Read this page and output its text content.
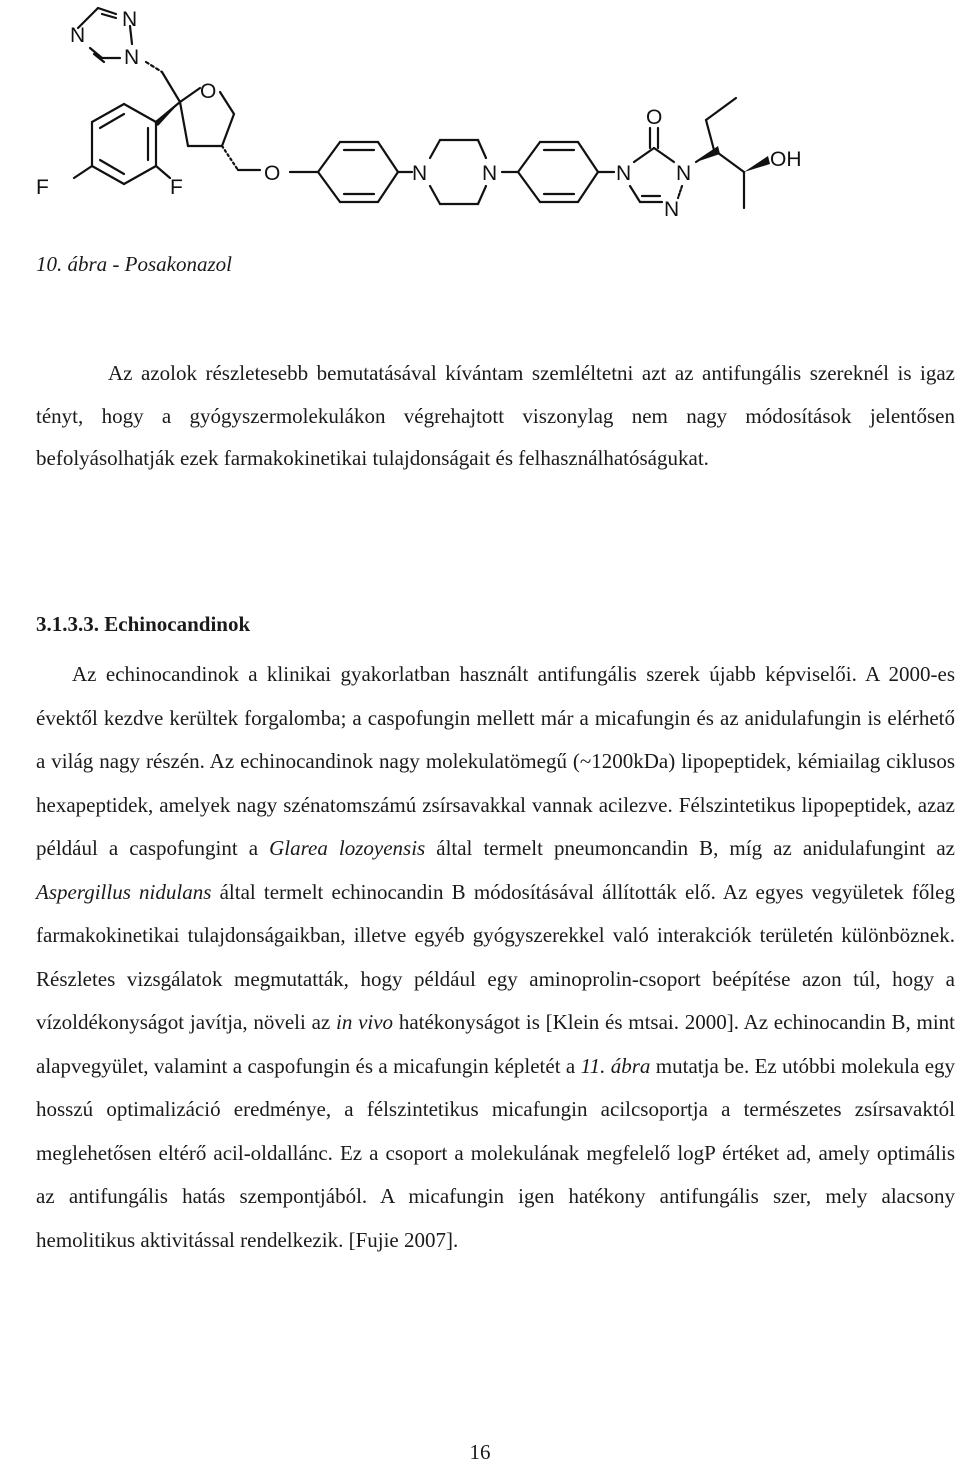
N
N
N
O
F	F
O	N	N
O
N N
N
OH
10. ábra - Posakonazol

Az azolok részletesebb bemutatásával kívántam szemléltetni azt az antifungális szereknél is igaz tényt, hogy a gyógyszermolekulákon végrehajtott viszonylag nem nagy módosítások jelentősen befolyásolhatják ezek farmakokinetikai tulajdonságait és felhasználhatóságukat.

3.1.3.3. Echinocandinok

Az echinocandinok a klinikai gyakorlatban használt antifungális szerek újabb képviselői. A 2000-es évektől kezdve kerültek forgalomba; a caspofungin mellett már a micafungin és az anidulafungin is elérhető a világ nagy részén. Az echinocandinok nagy molekulatömegű (~1200kDa) lipopeptidek, kémiailag ciklusos hexapeptidek, amelyek nagy szénatomszámú zsírsavakkal vannak acilezve. Félszintetikus lipopeptidek, azaz például a caspofungint a Glarea lozoyensis által termelt pneumoncandin B, míg az anidulafungint az Aspergillus nidulans által termelt echinocandin B módosításával állították elő. Az egyes vegyületek főleg farmakokinetikai tulajdonságaikban, illetve egyéb gyógyszerekkel való interakciók területén különböznek. Részletes vizsgálatok megmutatták, hogy például egy aminoprolin-csoport beépítése azon túl, hogy a vízoldékonyságot javítja, növeli az in vivo hatékonyságot is [Klein és mtsai. 2000]. Az echinocandin B, mint alapvegyület, valamint a caspofungin és a micafungin képletét a 11. ábra mutatja be. Ez utóbbi molekula egy hosszú optimalizáció eredménye, a félszintetikus micafungin acilcsoportja a természetes zsírsavaktól meglehetősen eltérő acil-oldallánc. Ez a csoport a molekulának megfelelő logP értéket ad, amely optimális az antifungális hatás szempontjából. A micafungin igen hatékony antifungális szer, mely alacsony hemolitikus aktivitással rendelkezik. [Fujie 2007].

16
